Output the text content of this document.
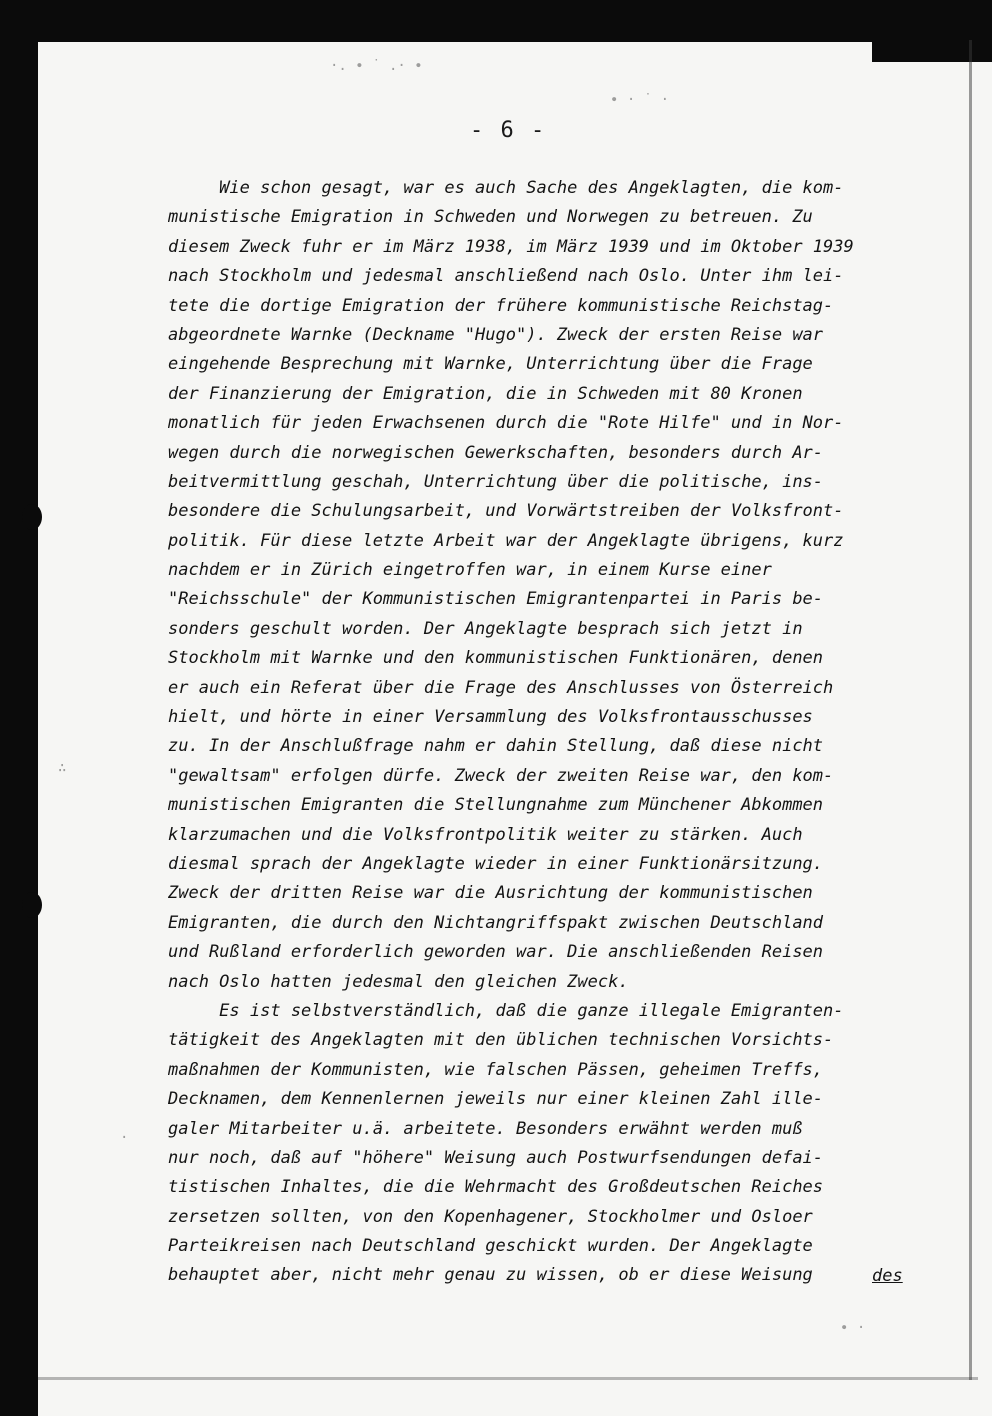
·. ∙ ˙ .· ∙
∙ · ˙ ·
∴
·
∙ ·
- 6 -
Wie schon gesagt, war es auch Sache des Angeklagten, die kom-
munistische Emigration in Schweden und Norwegen zu betreuen. Zu
diesem Zweck fuhr er im März 1938, im März 1939 und im Oktober 1939
nach Stockholm und jedesmal anschließend nach Oslo. Unter ihm lei-
tete die dortige Emigration der frühere kommunistische Reichstag-
abgeordnete Warnke (Deckname "Hugo"). Zweck der ersten Reise war
eingehende Besprechung mit Warnke, Unterrichtung über die Frage
der Finanzierung der Emigration, die in Schweden mit 80 Kronen
monatlich für jeden Erwachsenen durch die "Rote Hilfe" und in Nor-
wegen durch die norwegischen Gewerkschaften, besonders durch Ar-
beitvermittlung geschah, Unterrichtung über die politische, ins-
besondere die Schulungsarbeit, und Vorwärtstreiben der Volksfront-
politik. Für diese letzte Arbeit war der Angeklagte übrigens, kurz
nachdem er in Zürich eingetroffen war, in einem Kurse einer
"Reichsschule" der Kommunistischen Emigrantenpartei in Paris be-
sonders geschult worden. Der Angeklagte besprach sich jetzt in
Stockholm mit Warnke und den kommunistischen Funktionären, denen
er auch ein Referat über die Frage des Anschlusses von Österreich
hielt, und hörte in einer Versammlung des Volksfrontausschusses
zu. In der Anschlußfrage nahm er dahin Stellung, daß diese nicht
"gewaltsam" erfolgen dürfe. Zweck der zweiten Reise war, den kom-
munistischen Emigranten die Stellungnahme zum Münchener Abkommen
klarzumachen und die Volksfrontpolitik weiter zu stärken. Auch
diesmal sprach der Angeklagte wieder in einer Funktionärsitzung.
Zweck der dritten Reise war die Ausrichtung der kommunistischen
Emigranten, die durch den Nichtangriffspakt zwischen Deutschland
und Rußland erforderlich geworden war. Die anschließenden Reisen
nach Oslo hatten jedesmal den gleichen Zweck.
Es ist selbstverständlich, daß die ganze illegale Emigranten-
tätigkeit des Angeklagten mit den üblichen technischen Vorsichts-
maßnahmen der Kommunisten, wie falschen Pässen, geheimen Treffs,
Decknamen, dem Kennenlernen jeweils nur einer kleinen Zahl ille-
galer Mitarbeiter u.ä. arbeitete. Besonders erwähnt werden muß
nur noch, daß auf "höhere" Weisung auch Postwurfsendungen defai-
tistischen Inhaltes, die die Wehrmacht des Großdeutschen Reiches
zersetzen sollten, von den Kopenhagener, Stockholmer und Osloer
Parteikreisen nach Deutschland geschickt wurden. Der Angeklagte
behauptet aber, nicht mehr genau zu wissen, ob er diese Weisung	des
